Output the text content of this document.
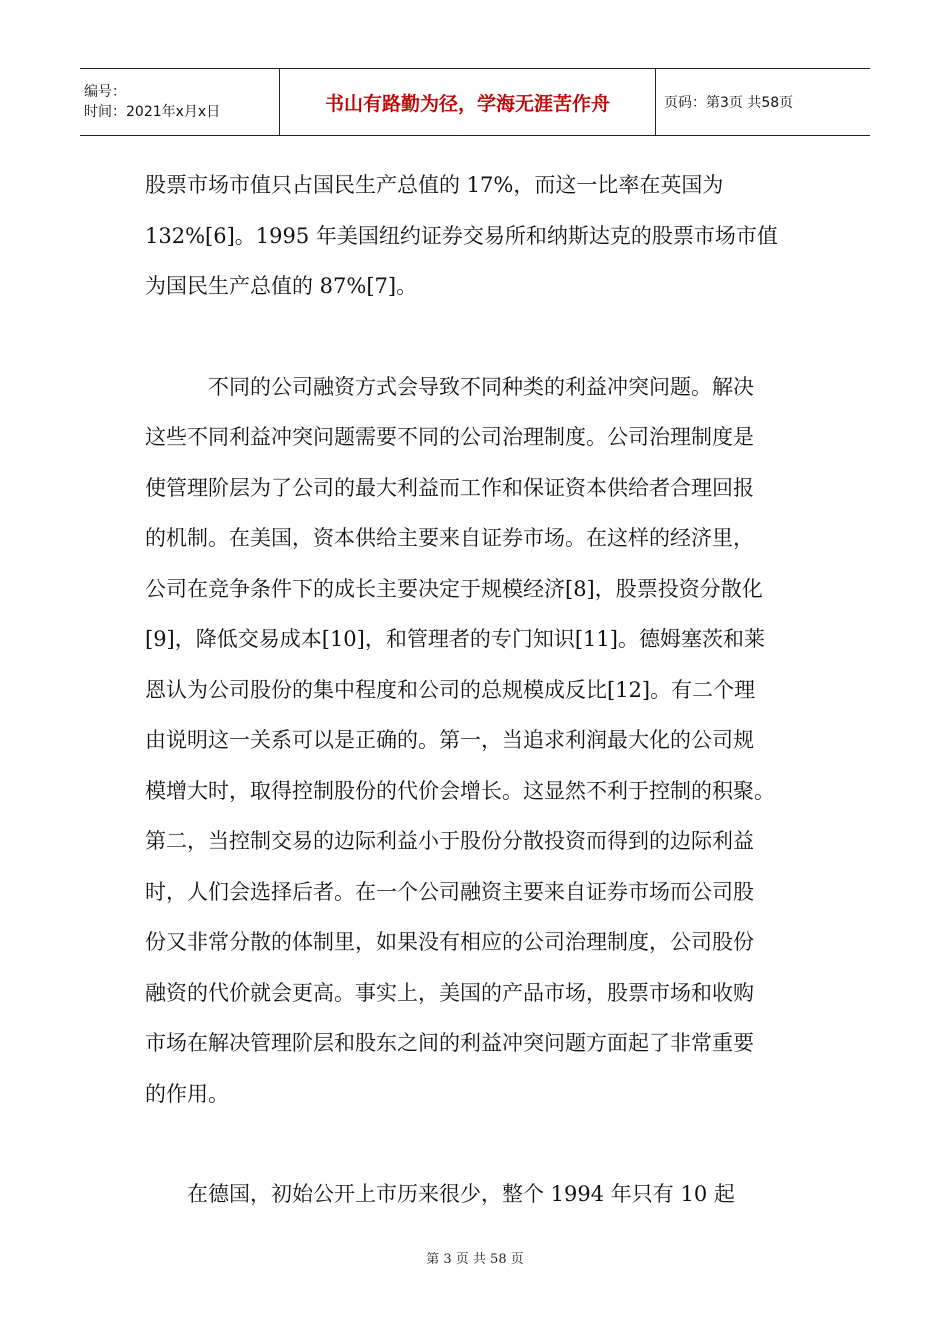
编号：
时间：2021年x月x日	书山有路勤为径，学海无涯苦作舟	页码：第3页 共58页
股票市场市值只占国民生产总值的 17%，而这一比率在英国为
132%[6]。1995 年美国纽约证券交易所和纳斯达克的股票市场市值
为国民生产总值的 87%[7]。
　　　不同的公司融资方式会导致不同种类的利益冲突问题。解决
这些不同利益冲突问题需要不同的公司治理制度。公司治理制度是
使管理阶层为了公司的最大利益而工作和保证资本供给者合理回报
的机制。在美国，资本供给主要来自证券市场。在这样的经济里，
公司在竞争条件下的成长主要决定于规模经济[8]，股票投资分散化
[9]，降低交易成本[10]，和管理者的专门知识[11]。德姆塞茨和莱
恩认为公司股份的集中程度和公司的总规模成反比[12]。有二个理
由说明这一关系可以是正确的。第一，当追求利润最大化的公司规
模增大时，取得控制股份的代价会增长。这显然不利于控制的积聚。
第二，当控制交易的边际利益小于股份分散投资而得到的边际利益
时，人们会选择后者。在一个公司融资主要来自证券市场而公司股
份又非常分散的体制里，如果没有相应的公司治理制度，公司股份
融资的代价就会更高。事实上，美国的产品市场，股票市场和收购
市场在解决管理阶层和股东之间的利益冲突问题方面起了非常重要
的作用。
　　在德国，初始公开上市历来很少，整个 1994 年只有 10 起
第 3 页 共 58 页
